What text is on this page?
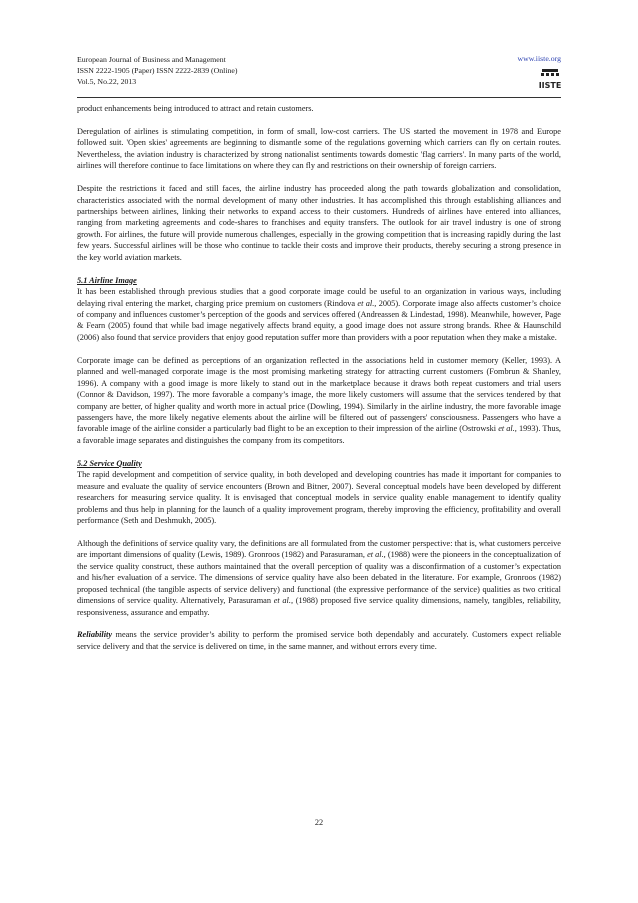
European Journal of Business and Management
ISSN 2222-1905 (Paper) ISSN 2222-2839 (Online)
Vol.5, No.22, 2013
www.iiste.org
IISTE

product enhancements being introduced to attract and retain customers.

Deregulation of airlines is stimulating competition, in form of small, low-cost carriers. The US started the movement in 1978 and Europe followed suit. 'Open skies' agreements are beginning to dismantle some of the regulations governing which carriers can fly on certain routes. Nevertheless, the aviation industry is characterized by strong nationalist sentiments towards domestic 'flag carriers'. In many parts of the world, airlines will therefore continue to face limitations on where they can fly and restrictions on their ownership of foreign carriers.

Despite the restrictions it faced and still faces, the airline industry has proceeded along the path towards globalization and consolidation, characteristics associated with the normal development of many other industries. It has accomplished this through establishing alliances and partnerships between airlines, linking their networks to expand access to their customers. Hundreds of airlines have entered into alliances, ranging from marketing agreements and code-shares to franchises and equity transfers. The outlook for air travel industry is one of strong growth. For airlines, the future will provide numerous challenges, especially in the growing competition that is increasing rapidly during the last few years. Successful airlines will be those who continue to tackle their costs and improve their products, thereby securing a strong presence in the key world aviation markets.

5.1 Airline Image

It has been established through previous studies that a good corporate image could be useful to an organization in various ways, including delaying rival entering the market, charging price premium on customers (Rindova et al., 2005). Corporate image also affects customer’s choice of company and influences customer’s perception of the goods and services offered (Andreassen & Lindestad, 1998). Meanwhile, however, Page & Fearn (2005) found that while bad image negatively affects brand equity, a good image does not assure strong brands. Rhee & Haunschild (2006) also found that service providers that enjoy good reputation suffer more than providers with a poor reputation when they make a mistake.

Corporate image can be defined as perceptions of an organization reflected in the associations held in customer memory (Keller, 1993). A planned and well-managed corporate image is the most promising marketing strategy for attracting current customers (Fombrun & Shanley, 1996). A company with a good image is more likely to stand out in the marketplace because it draws both repeat customers and trial users (Connor & Davidson, 1997). The more favorable a company’s image, the more likely customers will assume that the services tendered by that company are better, of higher quality and worth more in actual price (Dowling, 1994). Similarly in the airline industry, the more favorable image passengers have, the more likely negative elements about the airline will be filtered out of passengers' consciousness. Passengers who have a favorable image of the airline consider a particularly bad flight to be an exception to their impression of the airline (Ostrowski et al., 1993). Thus, a favorable image separates and distinguishes the company from its competitors.

5.2 Service Quality

The rapid development and competition of service quality, in both developed and developing countries has made it important for companies to measure and evaluate the quality of service encounters (Brown and Bitner, 2007). Several conceptual models have been developed by different researchers for measuring service quality. It is envisaged that conceptual models in service quality enable management to identify quality problems and thus help in planning for the launch of a quality improvement program, thereby improving the efficiency, profitability and overall performance (Seth and Deshmukh, 2005).

Although the definitions of service quality vary, the definitions are all formulated from the customer perspective: that is, what customers perceive are important dimensions of quality (Lewis, 1989). Gronroos (1982) and Parasuraman, et al., (1988) were the pioneers in the conceptualization of the service quality construct, these authors maintained that the overall perception of quality was a disconfirmation of a customer’s expectation and his/her evaluation of a service. The dimensions of service quality have also been debated in the literature. For example, Gronroos (1982) proposed technical (the tangible aspects of service delivery) and functional (the expressive performance of the service) qualities as two critical dimensions of service quality. Alternatively, Parasuraman et al., (1988) proposed five service quality dimensions, namely, tangibles, reliability, responsiveness, assurance and empathy.

Reliability means the service provider’s ability to perform the promised service both dependably and accurately. Customers expect reliable service delivery and that the service is delivered on time, in the same manner, and without errors every time.

22
